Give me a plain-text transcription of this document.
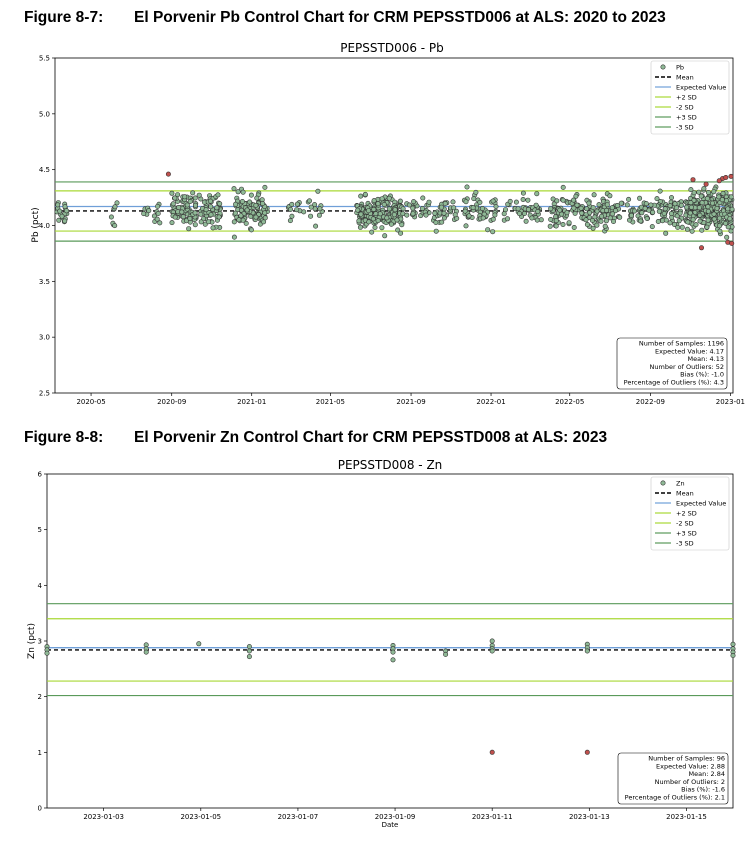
Figure 8-7: El Porvenir Pb Control Chart for CRM PEPSSTD006 at ALS: 2020 to 2023
Figure 8-8: El Porvenir Zn Control Chart for CRM PEPSSTD008 at ALS: 2023
PEPSSTD006 - Pb
2.5
3.0
3.5
4.0
4.5
5.0
5.5
2020-05	2020-09	2021-01	2021-05	2021-09	2022-01	2022-05	2022-09	2023-01
Pb (pct)
Pb
Mean
Expected Value
+2 SD
-2 SD
+3 SD
-3 SD
Number of Samples: 1196
Expected Value: 4.17
Mean: 4.13
Number of Outliers: 52
Bias (%): -1.0
Percentage of Outliers (%): 4.3
PEPSSTD008 - Zn
0
1
2
3
4
5
6
2023-01-03	2023-01-05	2023-01-07	2023-01-09	2023-01-11	2023-01-13	2023-01-15
Zn (pct)
Date
Zn
Mean
Expected Value
+2 SD
-2 SD
+3 SD
-3 SD
Number of Samples: 96
Expected Value: 2.88
Mean: 2.84
Number of Outliers: 2
Bias (%): -1.6
Percentage of Outliers (%): 2.1
